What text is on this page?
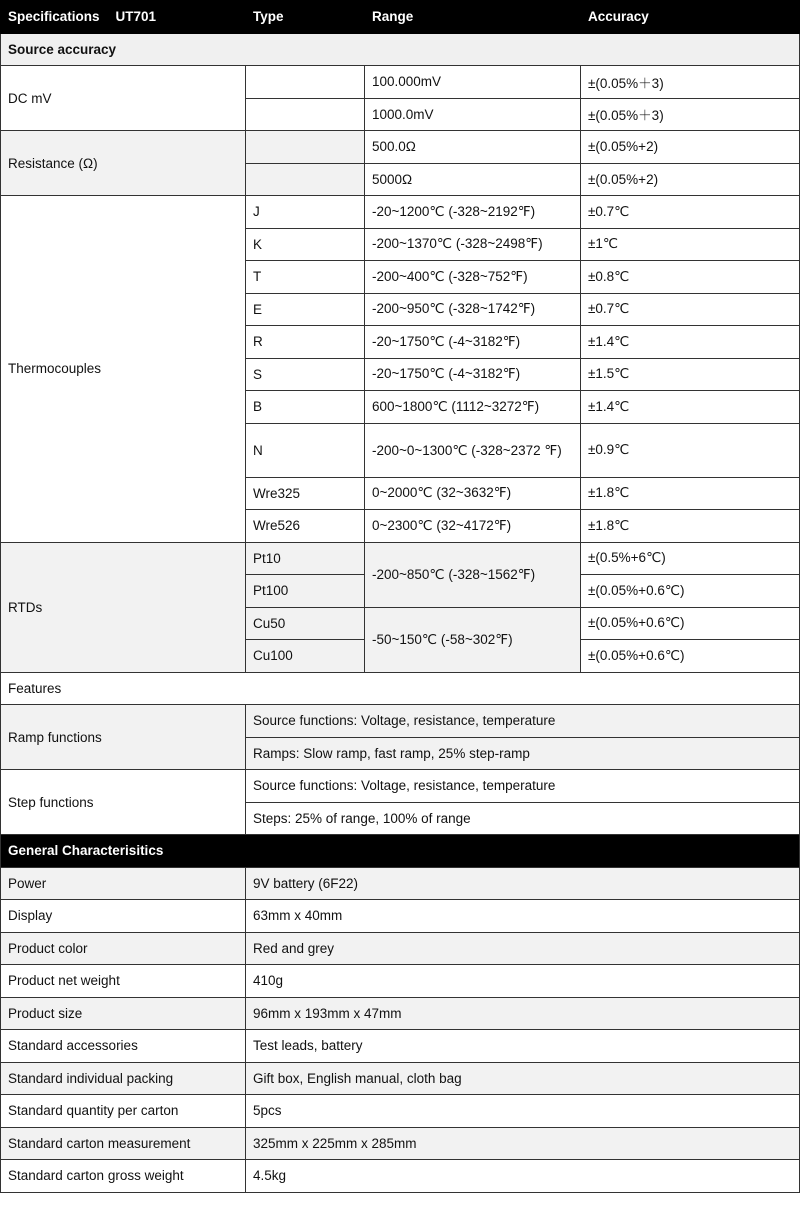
Specifications UT701	Type	Range	Accuracy
Source accuracy			
DC mV		100.000mV	±(0.05%＋3)
		1000.0mV	±(0.05%＋3)
Resistance (Ω)		500.0Ω	±(0.05%+2)
		5000Ω	±(0.05%+2)
Thermocouples	J	-20~1200℃ (-328~2192℉)	±0.7℃
	K	-200~1370℃ (-328~2498℉)	±1℃
	T	-200~400℃ (-328~752℉)	±0.8℃
	E	-200~950℃ (-328~1742℉)	±0.7℃
	R	-20~1750℃ (-4~3182℉)	±1.4℃
	S	-20~1750℃ (-4~3182℉)	±1.5℃
	B	600~1800℃ (1112~3272℉)	±1.4℃
	N	-200~0~1300℃ (-328~2372 ℉)	±0.9℃
	Wre325	0~2000℃ (32~3632℉)	±1.8℃
	Wre526	0~2300℃ (32~4172℉)	±1.8℃
RTDs	Pt10	-200~850℃ (-328~1562℉)	±(0.5%+6℃)
	Pt100		±(0.05%+0.6℃)
	Cu50	-50~150℃ (-58~302℉)	±(0.05%+0.6℃)
	Cu100		±(0.05%+0.6℃)
Features			
Ramp functions	Source functions: Voltage, resistance, temperature		
	Ramps: Slow ramp, fast ramp, 25% step-ramp		
Step functions	Source functions: Voltage, resistance, temperature		
	Steps: 25% of range, 100% of range		
General Characterisitics			
Power	9V battery (6F22)		
Display	63mm x 40mm		
Product color	Red and grey		
Product net weight	410g		
Product size	96mm x 193mm x 47mm		
Standard accessories	Test leads, battery		
Standard individual packing	Gift box, English manual, cloth bag		
Standard quantity per carton	5pcs		
Standard carton measurement	325mm x 225mm x 285mm		
Standard carton gross weight	4.5kg		
